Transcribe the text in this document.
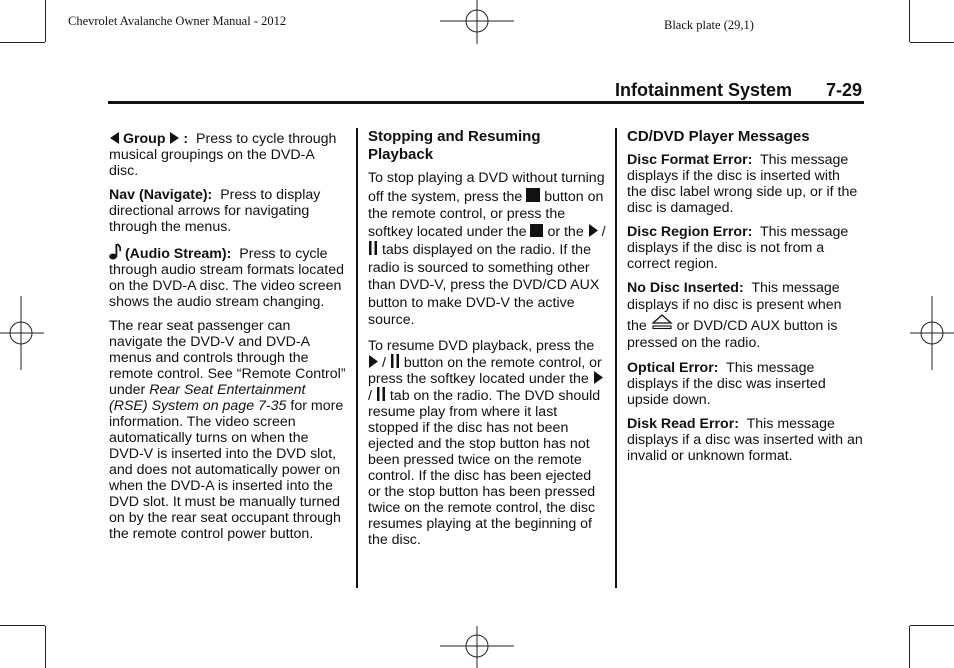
Chevrolet Avalanche Owner Manual - 2012	Black plate (29,1)
Infotainment System 7-29

Group : Press to cycle through musical groupings on the DVD-A disc.

Nav (Navigate): Press to display directional arrows for navigating through the menus.

(Audio Stream): Press to cycle through audio stream formats located on the DVD-A disc. The video screen shows the audio stream changing.

The rear seat passenger can navigate the DVD-V and DVD-A menus and controls through the remote control. See “Remote Control” under Rear Seat Entertainment (RSE) System on page 7-35 for more information. The video screen automatically turns on when the DVD-V is inserted into the DVD slot, and does not automatically power on when the DVD-A is inserted into the DVD slot. It must be manually turned on by the rear seat occupant through the remote control power button.

Stopping and Resuming Playback

To stop playing a DVD without turning off the system, press the button on the remote control, or press the softkey located under the or the /  tabs displayed on the radio. If the radio is sourced to something other than DVD-V, press the DVD/CD AUX button to make DVD-V the active source.

To resume DVD playback, press the  / button on the remote control, or press the softkey located under the  / tab on the radio. The DVD should resume play from where it last stopped if the disc has not been ejected and the stop button has not been pressed twice on the remote control. If the disc has been ejected or the stop button has been pressed twice on the remote control, the disc resumes playing at the beginning of the disc.

CD/DVD Player Messages

Disc Format Error: This message displays if the disc is inserted with the disc label wrong side up, or if the disc is damaged.

Disc Region Error: This message displays if the disc is not from a correct region.

No Disc Inserted: This message displays if no disc is present when the or DVD/CD AUX button is pressed on the radio.

Optical Error: This message displays if the disc was inserted upside down.

Disk Read Error: This message displays if a disc was inserted with an invalid or unknown format.
